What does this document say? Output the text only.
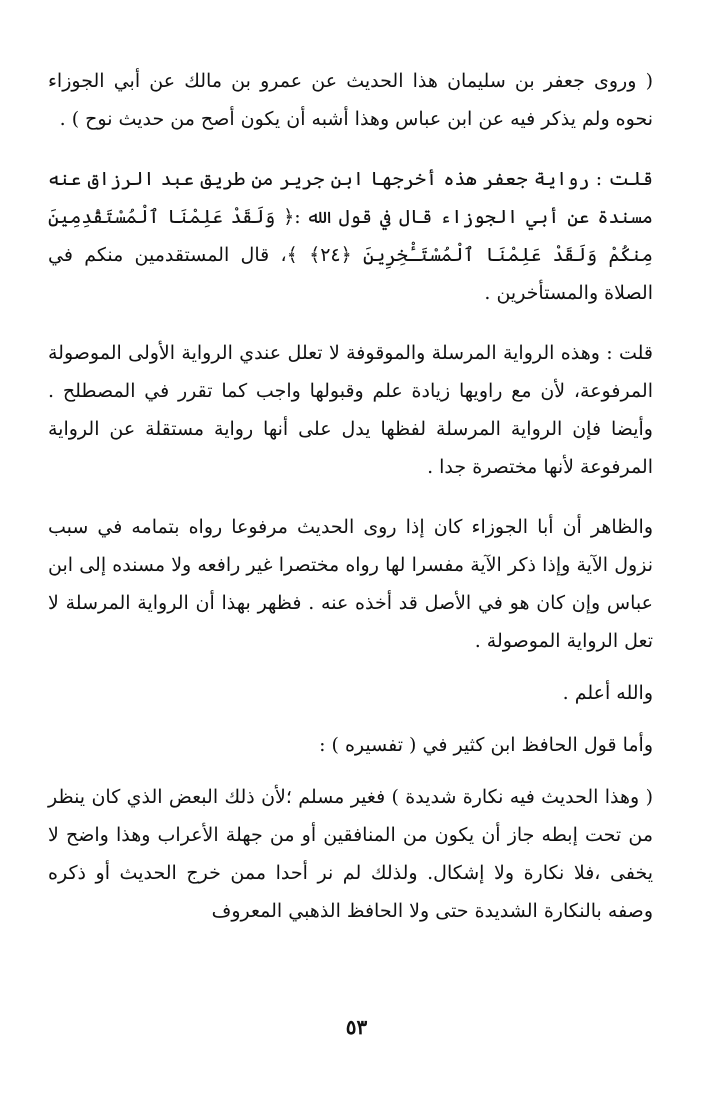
( وروى جعفر بن سليمان هذا الحديث عن عمرو بن مالك عن أبي الجوزاء نحوه ولم يذكر فيه عن ابن عباس وهذا أشبه أن يكون أصح من حديث نوح ) .

قلت : رواية جعفر هذه أخرجها ابن جرير من طريق عبد الرزاق عنه مسندة عن أبي الجوزاء قال في قول الله :﴿ وَلَقَدْ عَلِمْنَا ٱلْمُسْتَقْدِمِينَ مِنكُمْ وَلَقَدْ عَلِمْنَا ٱلْمُسْتَـْٔخِرِينَ ﴿٢٤﴾ ﴾، قال المستقدمين منكم في الصلاة والمستأخرين .

قلت : وهذه الرواية المرسلة والموقوفة لا تعلل عندي الرواية الأولى الموصولة المرفوعة، لأن مع راويها زيادة علم وقبولها واجب كما تقرر في المصطلح . وأيضا فإن الرواية المرسلة لفظها يدل على أنها رواية مستقلة عن الرواية المرفوعة لأنها مختصرة جدا .

والظاهر أن أبا الجوزاء كان إذا روى الحديث مرفوعا رواه بتمامه في سبب نزول الآية وإذا ذكر الآية مفسرا لها رواه مختصرا غير رافعه ولا مسنده إلى ابن عباس وإن كان هو في الأصل قد أخذه عنه . فظهر بهذا أن الرواية المرسلة لا تعل الرواية الموصولة .

والله أعلم .

وأما قول الحافظ ابن كثير في ( تفسيره ) :

( وهذا الحديث فيه نكارة شديدة ) فغير مسلم ؛لأن ذلك البعض الذي كان ينظر من تحت إبطه جاز أن يكون من المنافقين أو من جهلة الأعراب وهذا واضح لا يخفى ،فلا نكارة ولا إشكال. ولذلك لم نر أحدا ممن خرج الحديث أو ذكره وصفه بالنكارة الشديدة حتى ولا الحافظ الذهبي المعروف

٥٣
